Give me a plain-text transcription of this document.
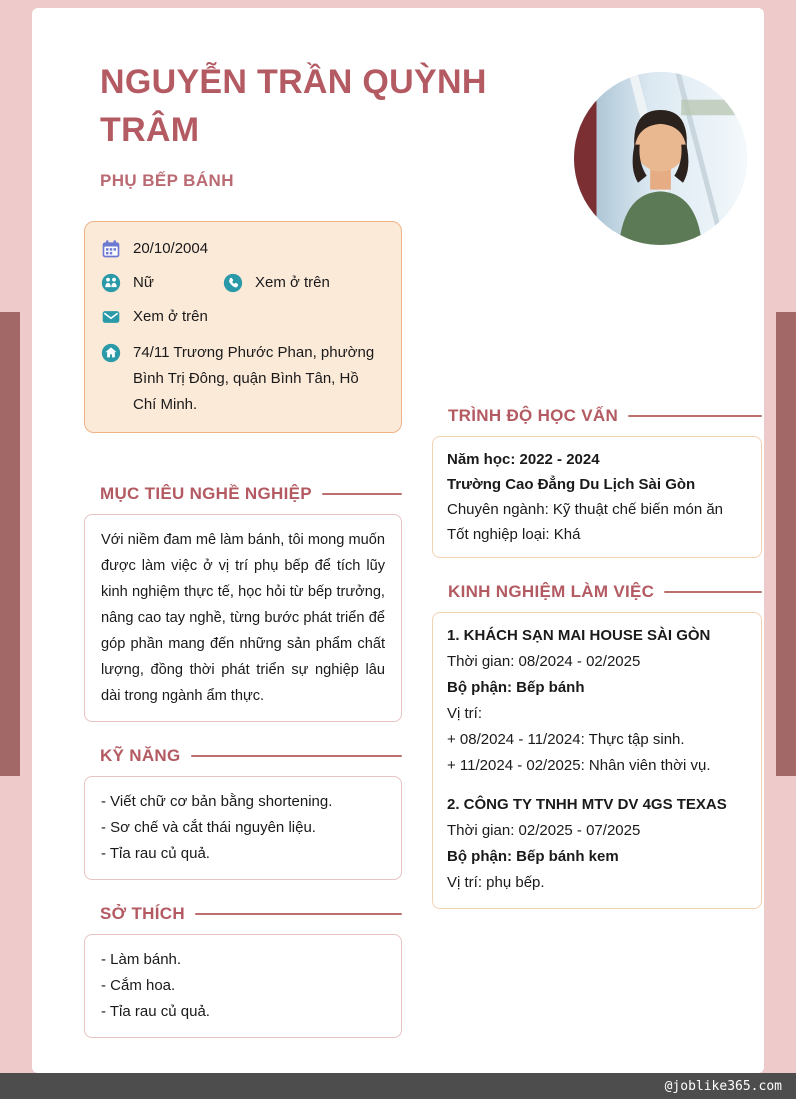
NGUYỄN TRẦN QUỲNH TRÂM
PHỤ BẾP BÁNH
20/10/2004
Nữ	Xem ở trên
Xem ở trên
74/11 Trương Phước Phan, phường Bình Trị Đông, quận Bình Tân, Hồ Chí Minh.
MỤC TIÊU NGHỀ NGHIỆP
Với niềm đam mê làm bánh, tôi mong muốn được làm việc ở vị trí phụ bếp để tích lũy kinh nghiệm thực tế, học hỏi từ bếp trưởng, nâng cao tay nghề, từng bước phát triển để góp phần mang đến những sản phẩm chất lượng, đồng thời phát triển sự nghiệp lâu dài trong ngành ẩm thực.
KỸ NĂNG
- Viết chữ cơ bản bằng shortening.
- Sơ chế và cắt thái nguyên liệu.
- Tỉa rau củ quả.
SỞ THÍCH
- Làm bánh.
- Cắm hoa.
- Tỉa rau củ quả.
TRÌNH ĐỘ HỌC VẤN
Năm học: 2022 - 2024
Trường Cao Đẳng Du Lịch Sài Gòn
Chuyên ngành: Kỹ thuật chế biến món ăn
Tốt nghiệp loại: Khá
KINH NGHIỆM LÀM VIỆC
1. KHÁCH SẠN MAI HOUSE SÀI GÒN
Thời gian: 08/2024 - 02/2025
Bộ phận: Bếp bánh
Vị trí:
+ 08/2024 - 11/2024: Thực tập sinh.
+ 11/2024 - 02/2025: Nhân viên thời vụ.
2. CÔNG TY TNHH MTV DV 4GS TEXAS
Thời gian: 02/2025 - 07/2025
Bộ phận: Bếp bánh kem
Vị trí: phụ bếp.
@joblike365.com
